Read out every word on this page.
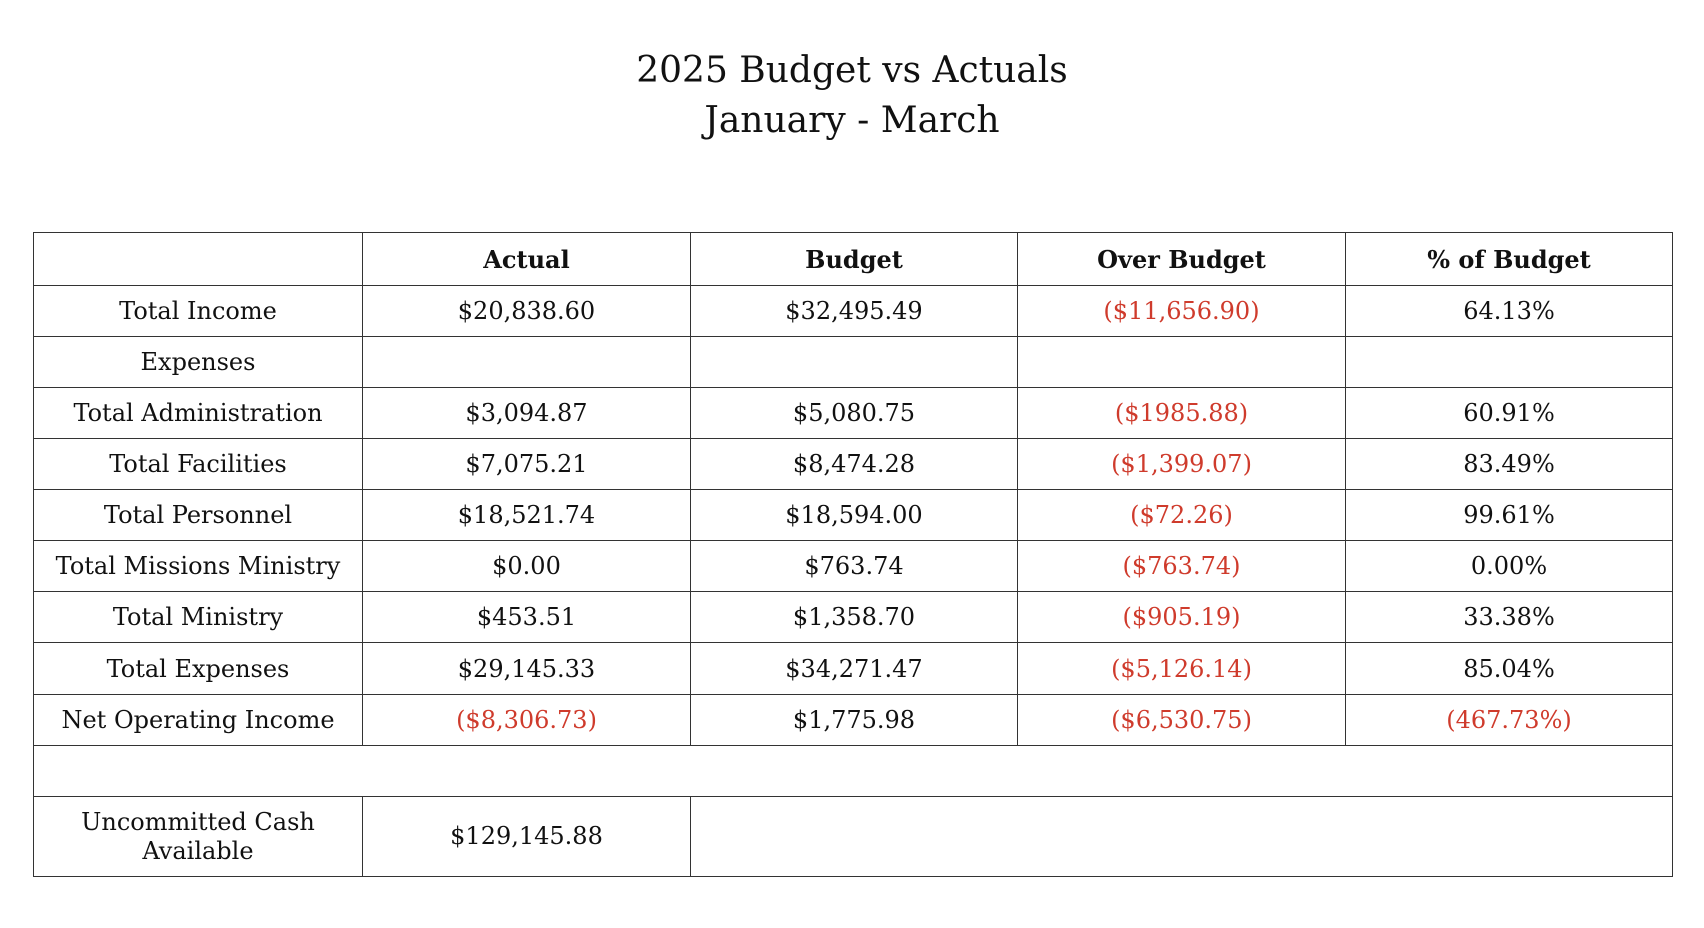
2025 Budget vs Actuals
January - March
	Actual	Budget	Over Budget	% of Budget
Total Income	$20,838.60	$32,495.49	($11,656.90)	64.13%
Expenses				
Total Administration	$3,094.87	$5,080.75	($1985.88)	60.91%
Total Facilities	$7,075.21	$8,474.28	($1,399.07)	83.49%
Total Personnel	$18,521.74	$18,594.00	($72.26)	99.61%
Total Missions Ministry	$0.00	$763.74	($763.74)	0.00%
Total Ministry	$453.51	$1,358.70	($905.19)	33.38%
Total Expenses	$29,145.33	$34,271.47	($5,126.14)	85.04%
Net Operating Income	($8,306.73)	$1,775.98	($6,530.75)	(467.73%)

Uncommitted Cash Available	$129,145.88			
